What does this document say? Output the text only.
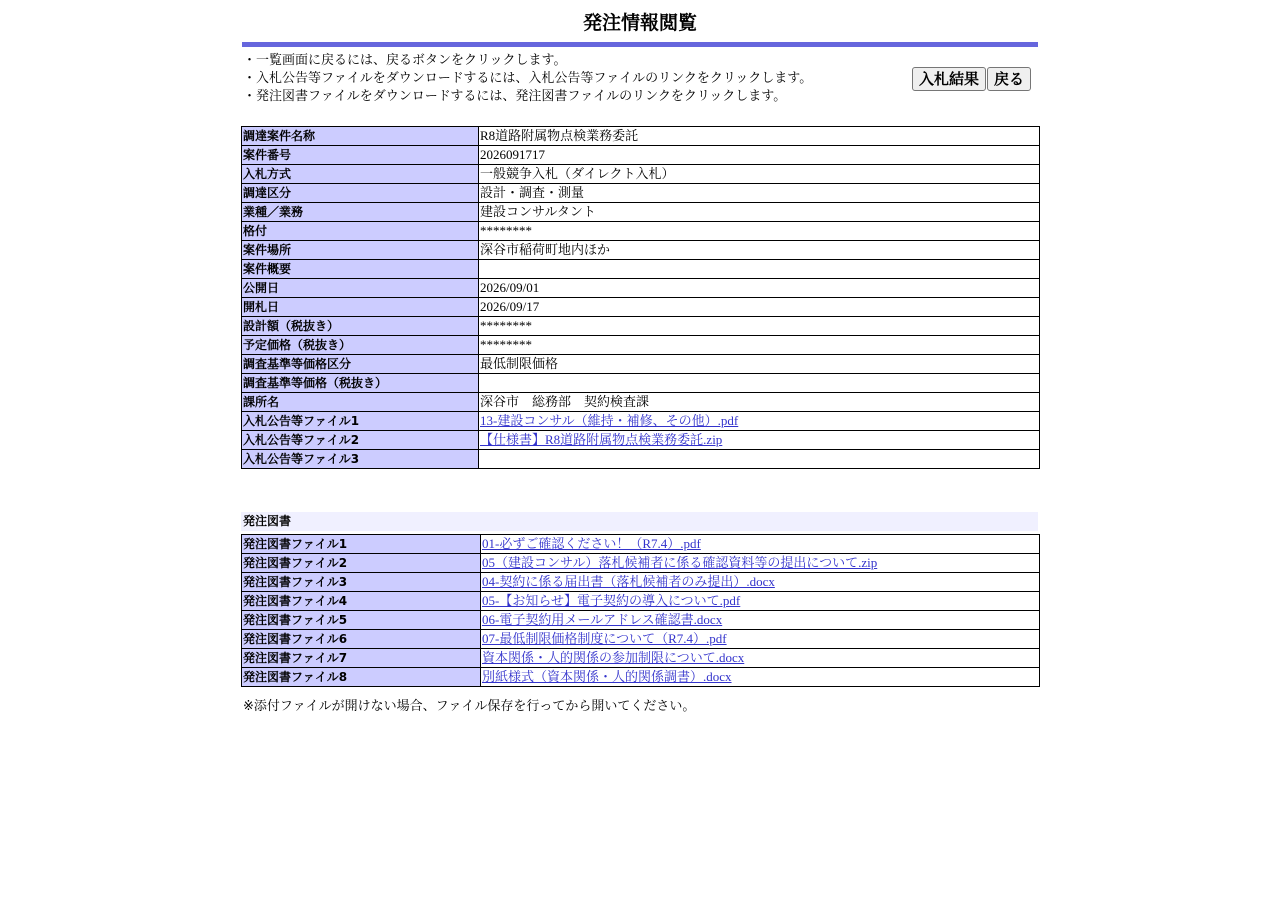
発注情報閲覧
・一覧画面に戻るには、戻るボタンをクリックします。
・入札公告等ファイルをダウンロードするには、入札公告等ファイルのリンクをクリックします。
・発注図書ファイルをダウンロードするには、発注図書ファイルのリンクをクリックします。
入札結果 戻る
調達案件名称	R8道路附属物点検業務委託
案件番号	2026091717
入札方式	一般競争入札（ダイレクト入札）
調達区分	設計・調査・測量
業種／業務	建設コンサルタント
格付	********
案件場所	深谷市稲荷町地内ほか
案件概要	
公開日	2026/09/01
開札日	2026/09/17
設計額（税抜き）	********
予定価格（税抜き）	********
調査基準等価格区分	最低制限価格
調査基準等価格（税抜き）	
課所名	深谷市　総務部　契約検査課
入札公告等ファイル1	13-建設コンサル（維持・補修、その他）.pdf
入札公告等ファイル2	【仕様書】R8道路附属物点検業務委託.zip
入札公告等ファイル3	
発注図書
発注図書ファイル1	01-必ずご確認ください！（R7.4）.pdf
発注図書ファイル2	05（建設コンサル）落札候補者に係る確認資料等の提出について.zip
発注図書ファイル3	04-契約に係る届出書（落札候補者のみ提出）.docx
発注図書ファイル4	05-【お知らせ】電子契約の導入について.pdf
発注図書ファイル5	06-電子契約用メールアドレス確認書.docx
発注図書ファイル6	07-最低制限価格制度について（R7.4）.pdf
発注図書ファイル7	資本関係・人的関係の参加制限について.docx
発注図書ファイル8	別紙様式（資本関係・人的関係調書）.docx
※添付ファイルが開けない場合、ファイル保存を行ってから開いてください。
